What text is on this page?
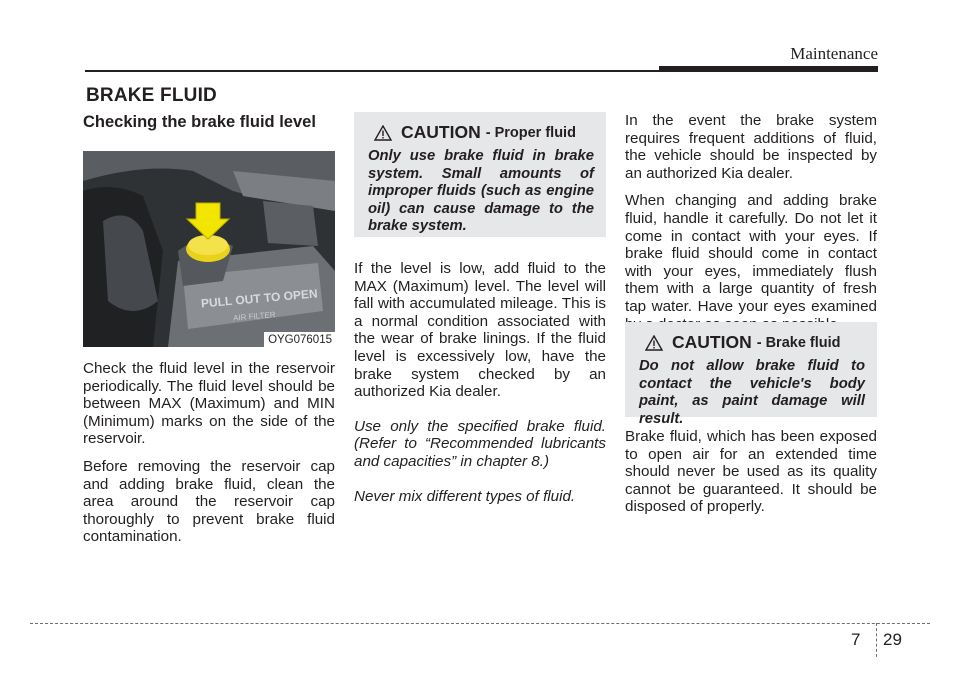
Maintenance
BRAKE FLUID
Checking the brake fluid level
PULL OUT TO OPEN
AIR FILTER
OYG076015

Check the fluid level in the reservoir periodically. The fluid level should be between MAX (Maximum) and MIN (Minimum) marks on the side of the reservoir.

Before removing the reservoir cap and adding brake fluid, clean the area around the reservoir cap thoroughly to prevent brake fluid contamination.

CAUTION - Proper fluid
Only use brake fluid in brake system. Small amounts of improper fluids (such as engine oil) can cause damage to the brake system.

If the level is low, add fluid to the MAX (Maximum) level. The level will fall with accumulated mileage. This is a normal condition associated with the wear of brake linings. If the fluid level is excessively low, have the brake system checked by an authorized Kia dealer.

Use only the specified brake fluid. (Refer to “Recommended lubricants and capacities” in chapter 8.)

Never mix different types of fluid.

In the event the brake system requires frequent additions of fluid, the vehicle should be inspected by an authorized Kia dealer.

When changing and adding brake fluid, handle it carefully. Do not let it come in contact with your eyes. If brake fluid should come in contact with your eyes, immediately flush them with a large quantity of fresh tap water. Have your eyes examined

CAUTION - Brake fluid
Do not allow brake fluid to contact the vehicle's body paint, as paint damage will result.

Brake fluid, which has been exposed to open air for an extended time should never be used as its quality cannot be guaranteed. It should be disposed of properly.

7 29
